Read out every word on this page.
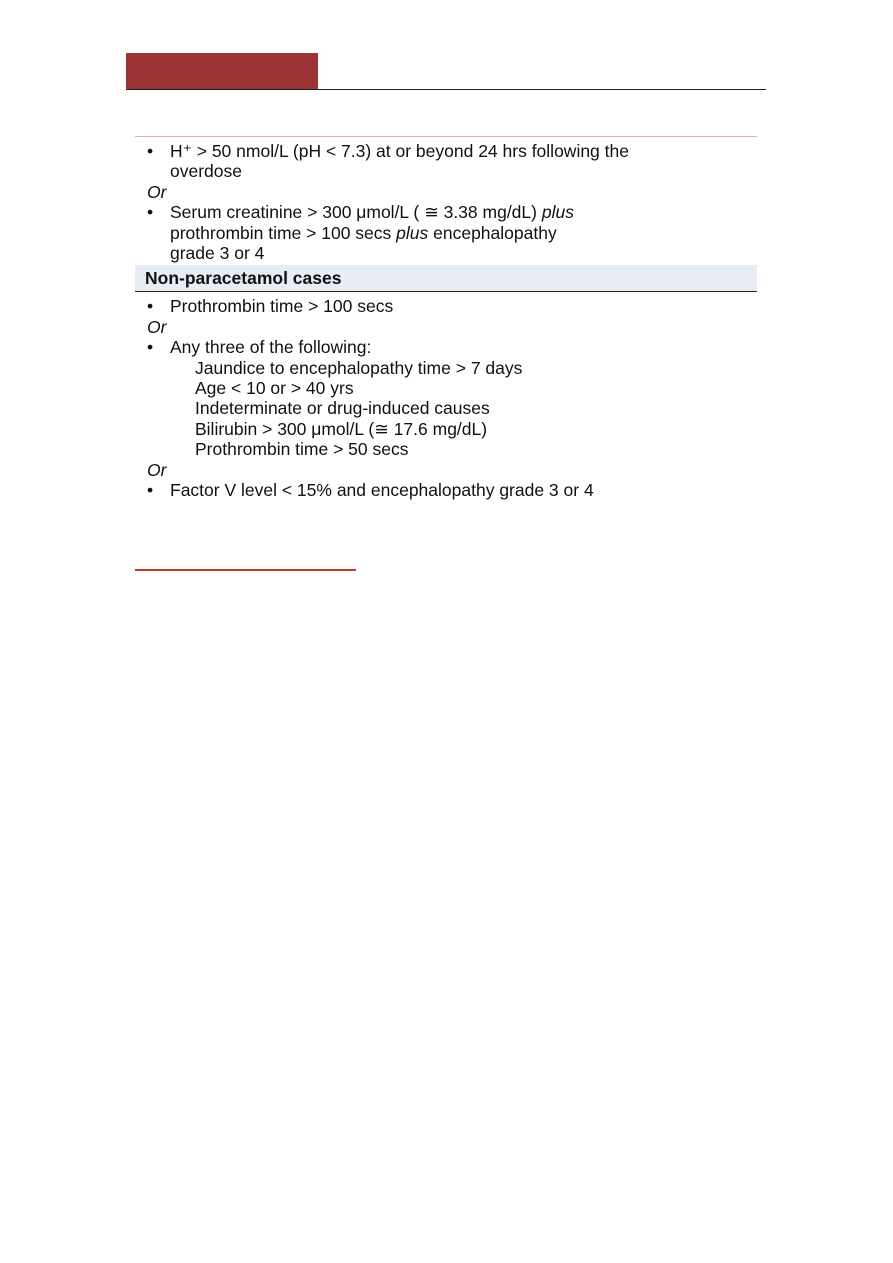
• H⁺ > 50 nmol/L (pH < 7.3) at or beyond 24 hrs following the
overdose
Or
• Serum creatinine > 300 μmol/L ( ≅ 3.38 mg/dL) plus
prothrombin time > 100 secs plus encephalopathy
grade 3 or 4
Non-paracetamol cases
• Prothrombin time > 100 secs
Or
• Any three of the following:
Jaundice to encephalopathy time > 7 days
Age < 10 or > 40 yrs
Indeterminate or drug-induced causes
Bilirubin > 300 μmol/L (≅ 17.6 mg/dL)
Prothrombin time > 50 secs
Or
• Factor V level < 15% and encephalopathy grade 3 or 4
